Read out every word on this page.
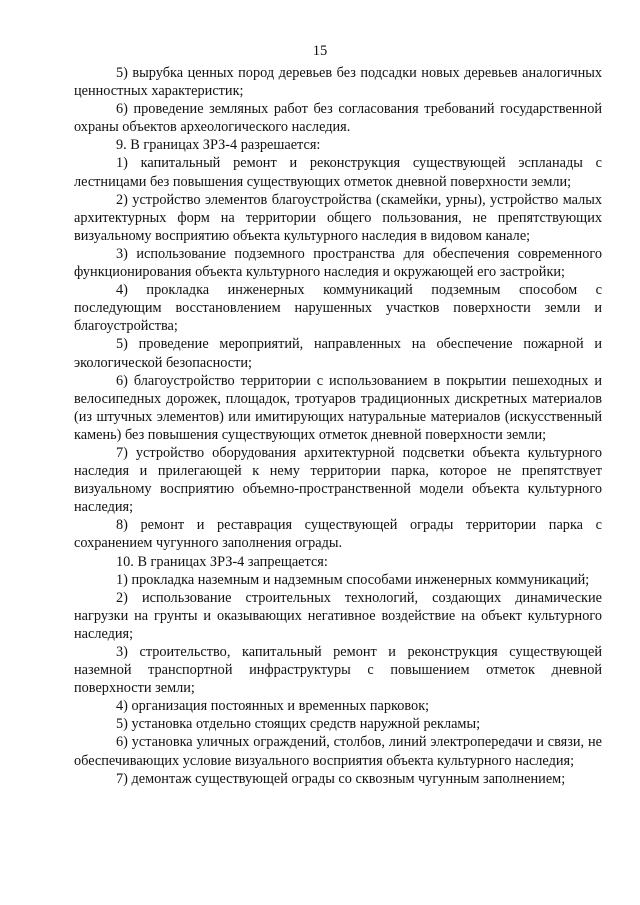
15

5) вырубка ценных пород деревьев без подсадки новых деревьев аналогичных ценностных характеристик;

6) проведение земляных работ без согласования требований государственной охраны объектов археологического наследия.

9. В границах ЗРЗ-4 разрешается:

1) капитальный ремонт и реконструкция существующей эспланады с лестницами без повышения существующих отметок дневной поверхности земли;

2) устройство элементов благоустройства (скамейки, урны), устройство малых архитектурных форм на территории общего пользования, не препятствующих визуальному восприятию объекта культурного наследия в видовом канале;

3) использование подземного пространства для обеспечения современного функционирования объекта культурного наследия и окружающей его застройки;

4) прокладка инженерных коммуникаций подземным способом с последующим восстановлением нарушенных участков поверхности земли и благоустройства;

5) проведение мероприятий, направленных на обеспечение пожарной и экологической безопасности;

6) благоустройство территории с использованием в покрытии пешеходных и велосипедных дорожек, площадок, тротуаров традиционных дискретных материалов (из штучных элементов) или имитирующих натуральные материалов (искусственный камень) без повышения существующих отметок дневной поверхности земли;

7) устройство оборудования архитектурной подсветки объекта культурного наследия и прилегающей к нему территории парка, которое не препятствует визуальному восприятию объемно-пространственной модели объекта культурного наследия;

8) ремонт и реставрация существующей ограды территории парка с сохранением чугунного заполнения ограды.

10. В границах ЗРЗ-4 запрещается:

1) прокладка наземным и надземным способами инженерных коммуникаций;

2) использование строительных технологий, создающих динамические нагрузки на грунты и оказывающих негативное воздействие на объект культурного наследия;

3) строительство, капитальный ремонт и реконструкция существующей наземной транспортной инфраструктуры с повышением отметок дневной поверхности земли;

4) организация постоянных и временных парковок;

5) установка отдельно стоящих средств наружной рекламы;

6) установка уличных ограждений, столбов, линий электропередачи и связи, не обеспечивающих условие визуального восприятия объекта культурного наследия;

7) демонтаж существующей ограды со сквозным чугунным заполнением;
